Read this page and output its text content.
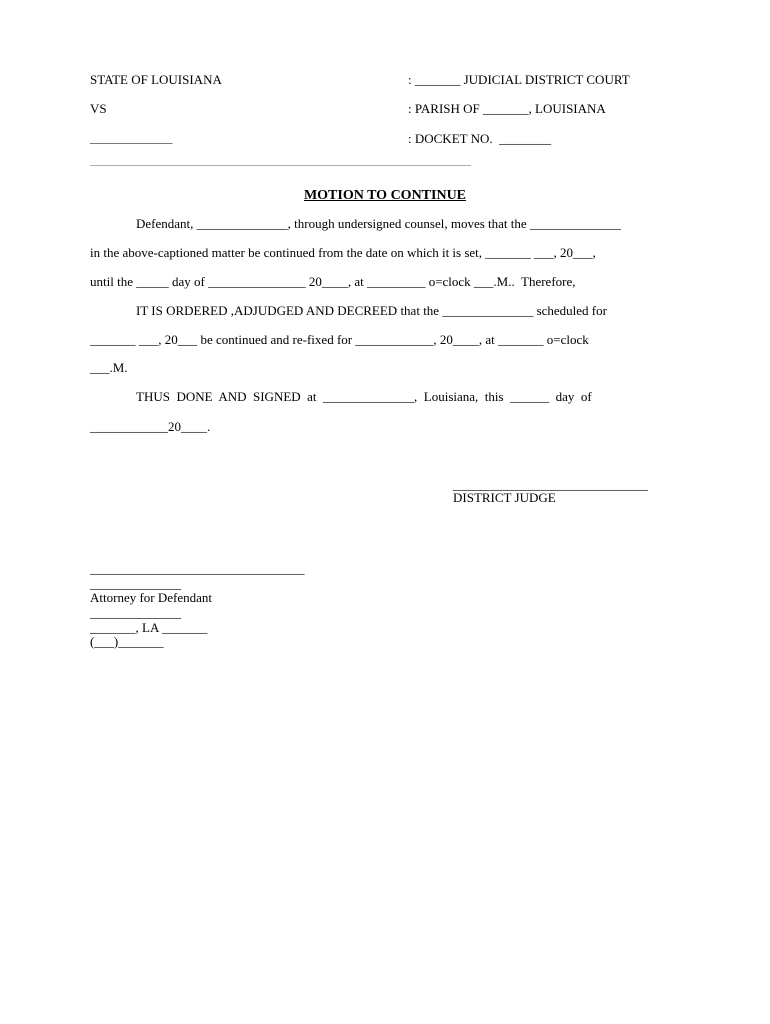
STATE OF LOUISIANA
VS
_______________
: _______ JUDICIAL DISTRICT COURT
: PARISH OF _______, LOUISIANA
: DOCKET NO.  ________
_______________________________________________________________________________________________________________________________
MOTION TO CONTINUE
Defendant, ______________, through undersigned counsel, moves that the ______________
in the above-captioned matter be continued from the date on which it is set, _______ ___, 20___,
until the _____ day of _______________ 20____, at _________ o=clock ___.M..  Therefore,
IT IS ORDERED ,ADJUDGED AND DECREED that the ______________ scheduled for
_______ ___, 20___ be continued and re-fixed for ____________, 20____, at _______ o=clock
___.M.
THUS  DONE  AND  SIGNED  at  ______________,  Louisiana,  this  ______  day  of
____________20____.
______________________________
DISTRICT JUDGE
_________________________________
______________
Attorney for Defendant
______________
_______, LA _______
(___)_______
